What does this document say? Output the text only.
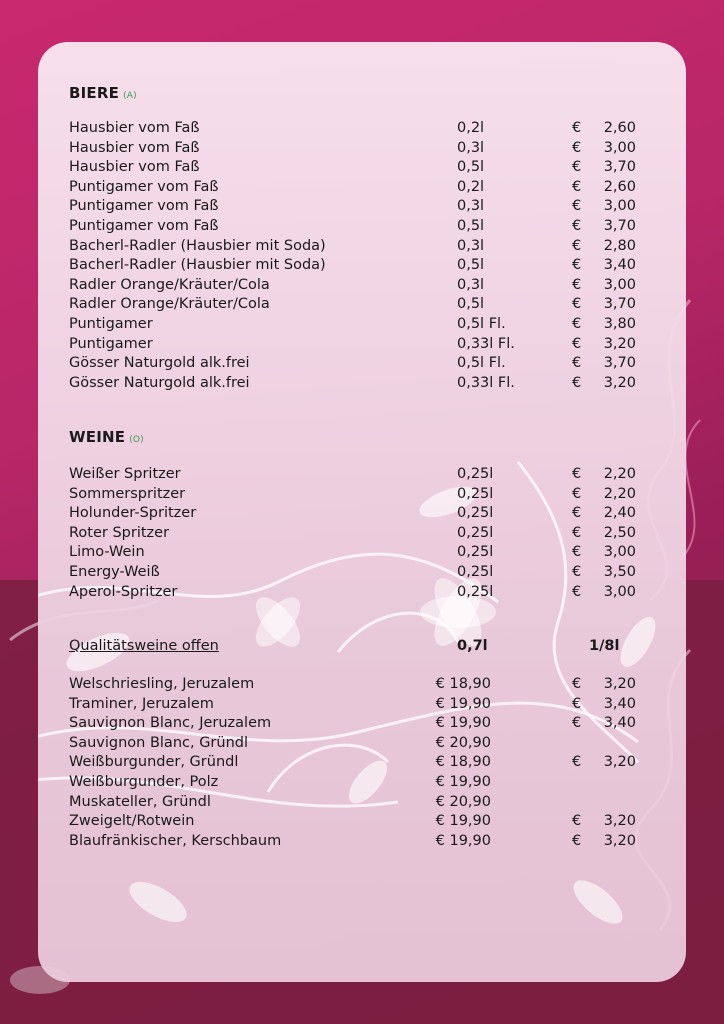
BIERE (A)
Hausbier vom Faß	0,2l	€ 2,60
Hausbier vom Faß	0,3l	€ 3,00
Hausbier vom Faß	0,5l	€ 3,70
Puntigamer vom Faß	0,2l	€ 2,60
Puntigamer vom Faß	0,3l	€ 3,00
Puntigamer vom Faß	0,5l	€ 3,70
Bacherl-Radler (Hausbier mit Soda)	0,3l	€ 2,80
Bacherl-Radler (Hausbier mit Soda)	0,5l	€ 3,40
Radler Orange/Kräuter/Cola	0,3l	€ 3,00
Radler Orange/Kräuter/Cola	0,5l	€ 3,70
Puntigamer	0,5l Fl.	€ 3,80
Puntigamer	0,33l Fl.	€ 3,20
Gösser Naturgold alk.frei	0,5l Fl.	€ 3,70
Gösser Naturgold alk.frei	0,33l Fl.	€ 3,20
WEINE (O)
Weißer Spritzer	0,25l	€ 2,20
Sommerspritzer	0,25l	€ 2,20
Holunder-Spritzer	0,25l	€ 2,40
Roter Spritzer	0,25l	€ 2,50
Limo-Wein	0,25l	€ 3,00
Energy-Weiß	0,25l	€ 3,50
Aperol-Spritzer	0,25l	€ 3,00
Qualitätsweine offen	0,7l	1/8l
Welschriesling, Jeruzalem	€ 18,90	€ 3,20
Traminer, Jeruzalem	€ 19,90	€ 3,40
Sauvignon Blanc, Jeruzalem	€ 19,90	€ 3,40
Sauvignon Blanc, Gründl	€ 20,90
Weißburgunder, Gründl	€ 18,90	€ 3,20
Weißburgunder, Polz	€ 19,90
Muskateller, Gründl	€ 20,90
Zweigelt/Rotwein	€ 19,90	€ 3,20
Blaufränkischer, Kerschbaum	€ 19,90	€ 3,20
